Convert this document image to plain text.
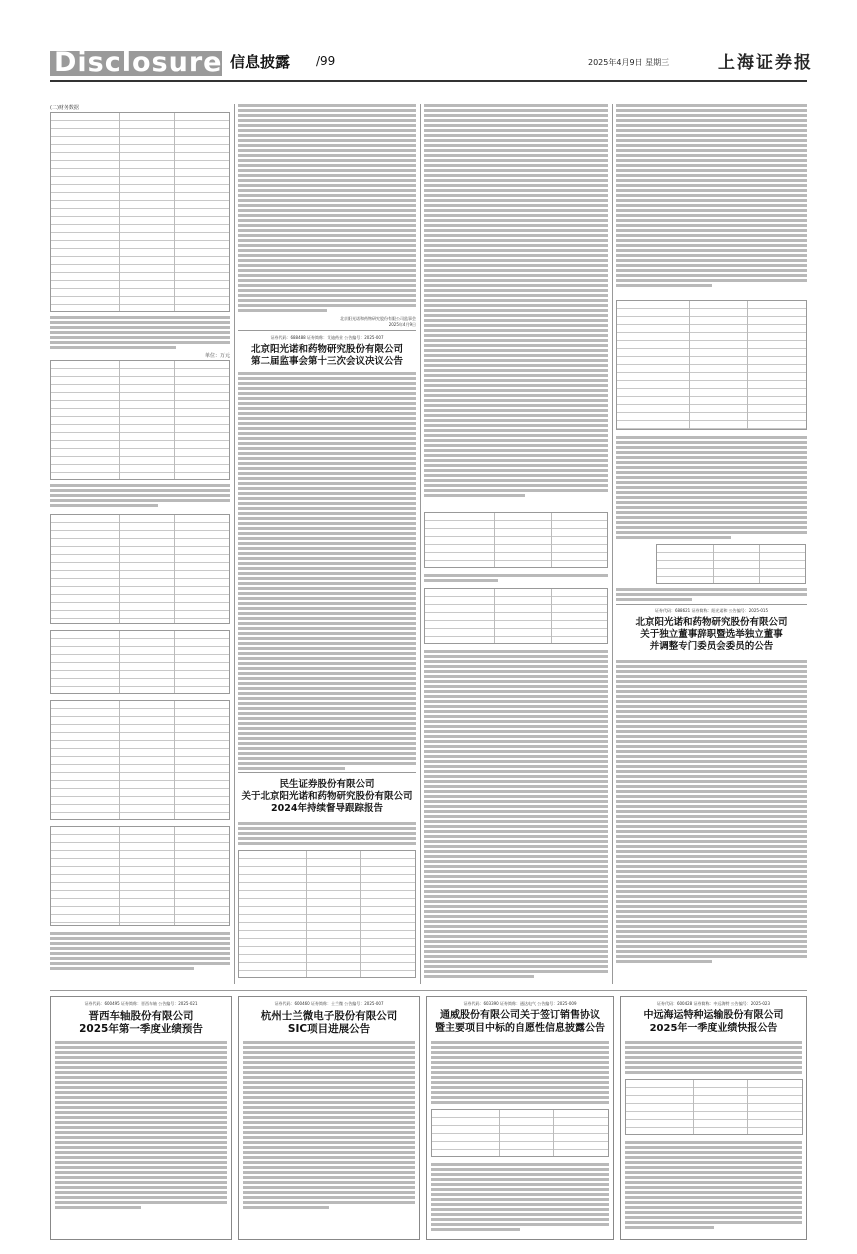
Disclosure 信息披露 /99	2025年4月9日 星期三	上海证券报
(二)财务数据
单位：万元
北京阳光诺和药物研究股份有限公司监事会
2025年4月9日
证券代码：688488 证券简称：艾迪药业 公告编号：2025-007
北京阳光诺和药物研究股份有限公司
第二届监事会第十三次会议决议公告
民生证券股份有限公司
关于北京阳光诺和药物研究股份有限公司
2024年持续督导跟踪报告
证券代码：688621 证券简称：阳光诺和 公告编号：2025-015
北京阳光诺和药物研究股份有限公司
关于独立董事辞职暨选举独立董事
并调整专门委员会委员的公告
证券代码：600495 证券简称：晋西车轴 公告编号：2025-021
晋西车轴股份有限公司
2025年第一季度业绩预告
证券代码：600460 证券简称：士兰微 公告编号：2025-007
杭州士兰微电子股份有限公司
SIC项目进展公告
证券代码：603390 证券简称：通达电气 公告编号：2025-009
通威股份有限公司关于签订销售协议
暨主要项目中标的自愿性信息披露公告
证券代码：600428 证券简称：中远海特 公告编号：2025-023
中远海运特种运输股份有限公司
2025年一季度业绩快报公告
